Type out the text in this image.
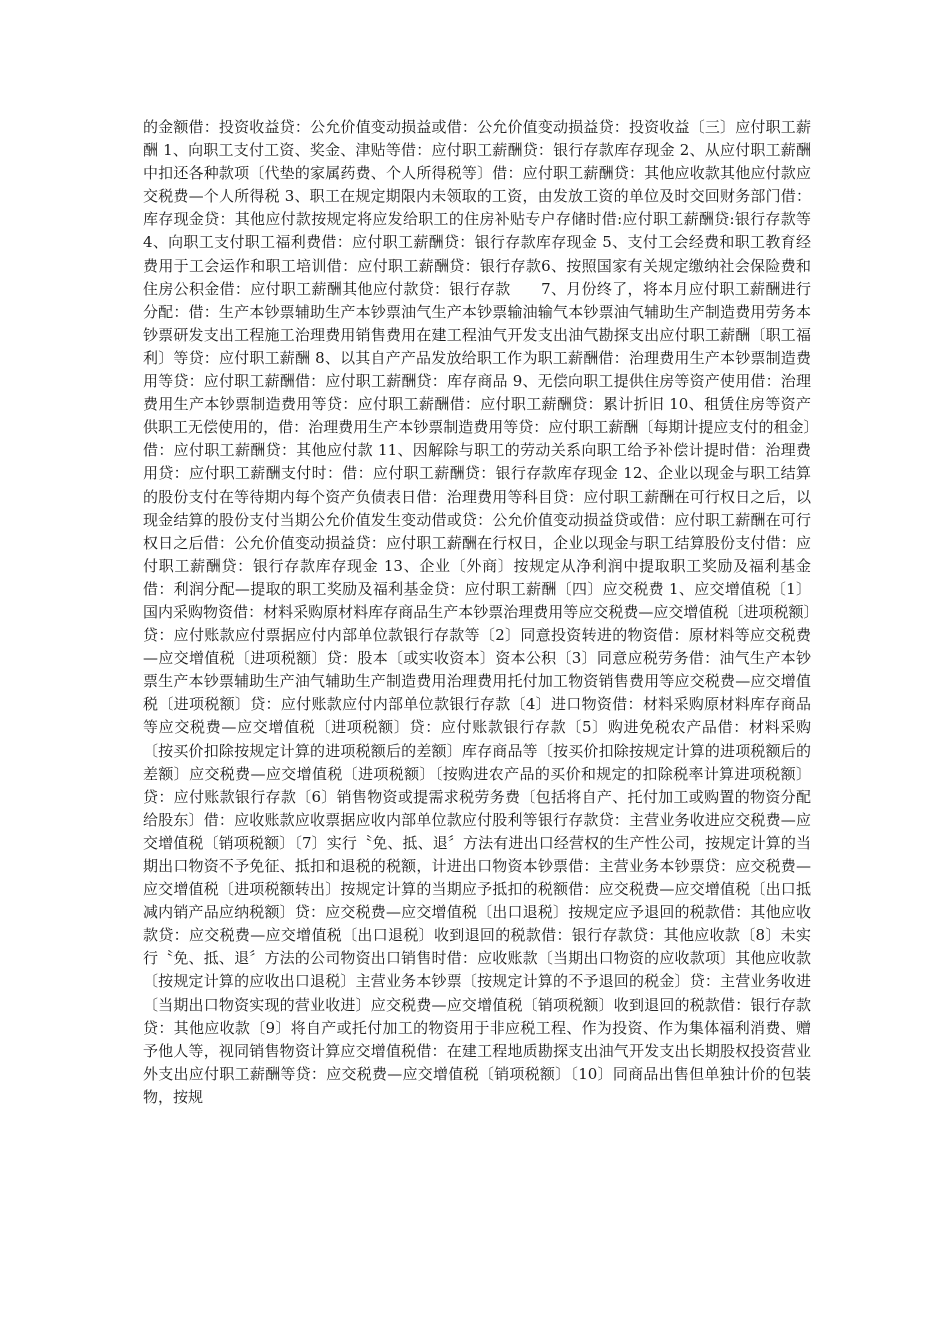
的金额借：投资收益贷：公允价值变动损益或借：公允价值变动损益贷：投资收益〔三〕应付职工薪酬 1、向职工支付工资、奖金、津贴等借：应付职工薪酬贷：银行存款库存现金 2、从应付职工薪酬中扣还各种款项〔代垫的家属药费、个人所得税等〕借：应付职工薪酬贷：其他应收款其他应付款应交税费—个人所得税 3、职工在规定期限内未领取的工资，由发放工资的单位及时交回财务部门借：库存现金贷：其他应付款按规定将应发给职工的住房补贴专户存储时借:应付职工薪酬贷:银行存款等 4、向职工支付职工福利费借：应付职工薪酬贷：银行存款库存现金 5、支付工会经费和职工教育经费用于工会运作和职工培训借：应付职工薪酬贷：银行存款6、按照国家有关规定缴纳社会保险费和住房公积金借：应付职工薪酬其他应付款贷：银行存款　　7、月份终了，将本月应付职工薪酬进行分配：借：生产本钞票辅助生产本钞票油气生产本钞票输油输气本钞票油气辅助生产制造费用劳务本钞票研发支出工程施工治理费用销售费用在建工程油气开发支出油气勘探支出应付职工薪酬〔职工福利〕等贷：应付职工薪酬 8、以其自产产品发放给职工作为职工薪酬借：治理费用生产本钞票制造费用等贷：应付职工薪酬借：应付职工薪酬贷：库存商品 9、无偿向职工提供住房等资产使用借：治理费用生产本钞票制造费用等贷：应付职工薪酬借：应付职工薪酬贷：累计折旧 10、租赁住房等资产供职工无偿使用的，借：治理费用生产本钞票制造费用等贷：应付职工薪酬〔每期计提应支付的租金〕借：应付职工薪酬贷：其他应付款 11、因解除与职工的劳动关系向职工给予补偿计提时借：治理费用贷：应付职工薪酬支付时：借：应付职工薪酬贷：银行存款库存现金 12、企业以现金与职工结算的股份支付在等待期内每个资产负债表日借：治理费用等科目贷：应付职工薪酬在可行权日之后，以现金结算的股份支付当期公允价值发生变动借或贷：公允价值变动损益贷或借：应付职工薪酬在可行权日之后借：公允价值变动损益贷：应付职工薪酬在行权日，企业以现金与职工结算股份支付借：应付职工薪酬贷：银行存款库存现金 13、企业〔外商〕按规定从净利润中提取职工奖励及福利基金借：利润分配—提取的职工奖励及福利基金贷：应付职工薪酬〔四〕应交税费 1、应交增值税〔1〕国内采购物资借：材料采购原材料库存商品生产本钞票治理费用等应交税费—应交增值税〔进项税额〕贷：应付账款应付票据应付内部单位款银行存款等〔2〕同意投资转进的物资借：原材料等应交税费—应交增值税〔进项税额〕贷：股本〔或实收资本〕资本公积〔3〕同意应税劳务借：油气生产本钞票生产本钞票辅助生产油气辅助生产制造费用治理费用托付加工物资销售费用等应交税费—应交增值税〔进项税额〕贷：应付账款应付内部单位款银行存款〔4〕进口物资借：材料采购原材料库存商品等应交税费—应交增值税〔进项税额〕贷：应付账款银行存款〔5〕购进免税农产品借：材料采购〔按买价扣除按规定计算的进项税额后的差额〕库存商品等〔按买价扣除按规定计算的进项税额后的差额〕应交税费—应交增值税〔进项税额〕〔按购进农产品的买价和规定的扣除税率计算进项税额〕贷：应付账款银行存款〔6〕销售物资或提需求税劳务费〔包括将自产、托付加工或购置的物资分配给股东〕借：应收账款应收票据应收内部单位款应付股利等银行存款贷：主营业务收进应交税费—应交增值税〔销项税额〕〔7〕实行〝免、抵、退〞方法有进出口经营权的生产性公司，按规定计算的当期出口物资不予免征、抵扣和退税的税额，计进出口物资本钞票借：主营业务本钞票贷：应交税费—应交增值税〔进项税额转出〕按规定计算的当期应予抵扣的税额借：应交税费—应交增值税〔出口抵减内销产品应纳税额〕贷：应交税费—应交增值税〔出口退税〕按规定应予退回的税款借：其他应收款贷：应交税费—应交增值税〔出口退税〕收到退回的税款借：银行存款贷：其他应收款〔8〕未实行〝免、抵、退〞方法的公司物资出口销售时借：应收账款〔当期出口物资的应收款项〕其他应收款〔按规定计算的应收出口退税〕主营业务本钞票〔按规定计算的不予退回的税金〕贷：主营业务收进〔当期出口物资实现的营业收进〕应交税费—应交增值税〔销项税额〕收到退回的税款借：银行存款贷：其他应收款〔9〕将自产或托付加工的物资用于非应税工程、作为投资、作为集体福利消费、赠予他人等，视同销售物资计算应交增值税借：在建工程地质勘探支出油气开发支出长期股权投资营业外支出应付职工薪酬等贷：应交税费—应交增值税〔销项税额〕〔10〕同商品出售但单独计价的包装物，按规
